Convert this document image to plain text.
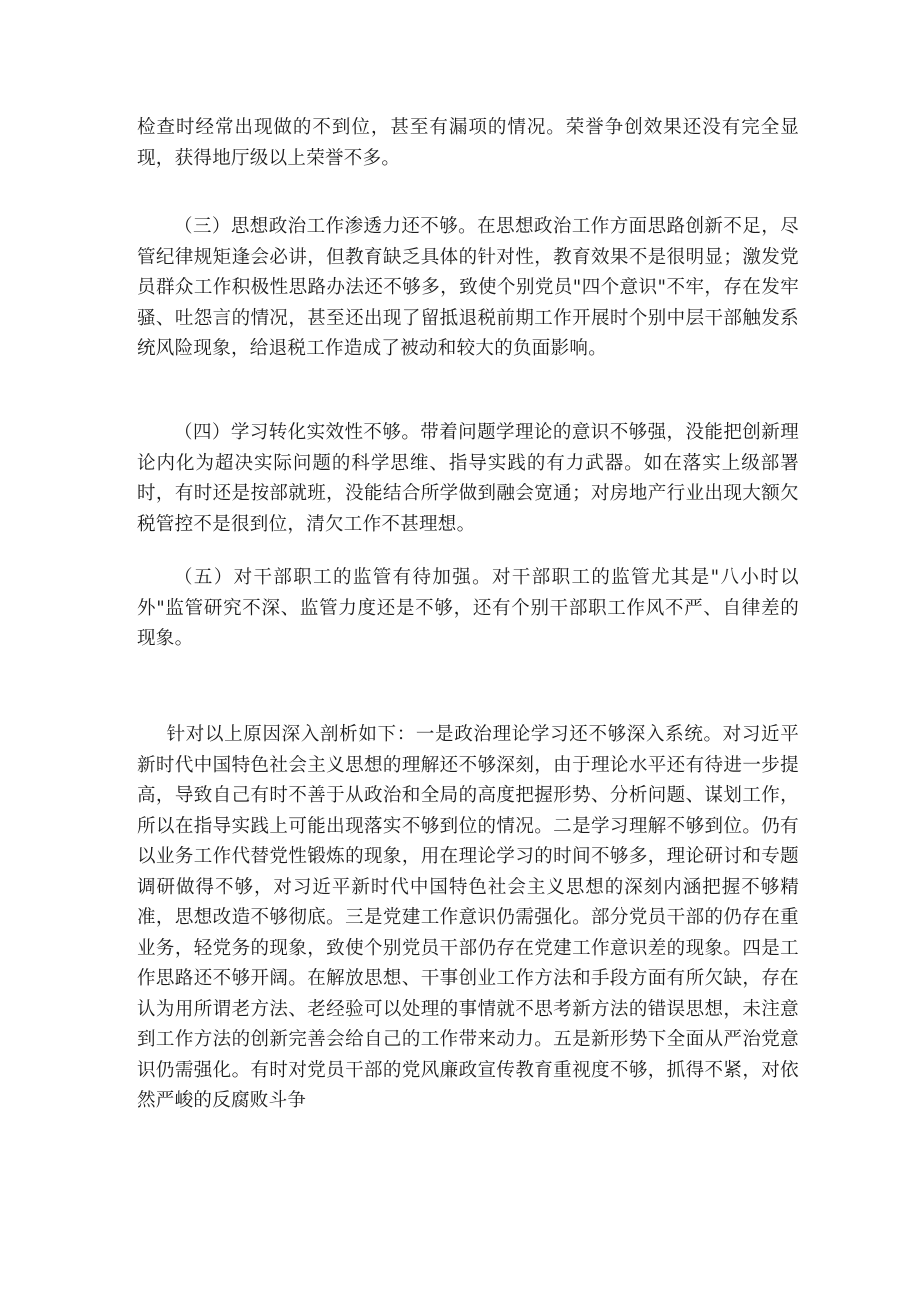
检查时经常出现做的不到位，甚至有漏项的情况。荣誉争创效果还没有完全显现，获得地厅级以上荣誉不多。

（三）思想政治工作渗透力还不够。在思想政治工作方面思路创新不足，尽管纪律规矩逢会必讲，但教育缺乏具体的针对性，教育效果不是很明显；激发党员群众工作积极性思路办法还不够多，致使个别党员"四个意识"不牢，存在发牢骚、吐怨言的情况，甚至还出现了留抵退税前期工作开展时个别中层干部触发系统风险现象，给退税工作造成了被动和较大的负面影响。

（四）学习转化实效性不够。带着问题学理论的意识不够强，没能把创新理论内化为超决实际问题的科学思维、指导实践的有力武器。如在落实上级部署时，有时还是按部就班，没能结合所学做到融会宽通；对房地产行业出现大额欠税管控不是很到位，清欠工作不甚理想。

（五）对干部职工的监管有待加强。对干部职工的监管尤其是"八小时以外"监管研究不深、监管力度还是不够，还有个别干部职工作风不严、自律差的现象。

针对以上原因深入剖析如下：一是政治理论学习还不够深入系统。对习近平新时代中国特色社会主义思想的理解还不够深刻，由于理论水平还有待进一步提高，导致自己有时不善于从政治和全局的高度把握形势、分析问题、谋划工作，所以在指导实践上可能出现落实不够到位的情况。二是学习理解不够到位。仍有以业务工作代替党性锻炼的现象，用在理论学习的时间不够多，理论研讨和专题调研做得不够，对习近平新时代中国特色社会主义思想的深刻内涵把握不够精准，思想改造不够彻底。三是党建工作意识仍需强化。部分党员干部的仍存在重业务，轻党务的现象，致使个别党员干部仍存在党建工作意识差的现象。四是工作思路还不够开阔。在解放思想、干事创业工作方法和手段方面有所欠缺，存在认为用所谓老方法、老经验可以处理的事情就不思考新方法的错误思想，未注意到工作方法的创新完善会给自己的工作带来动力。五是新形势下全面从严治党意识仍需强化。有时对党员干部的党风廉政宣传教育重视度不够，抓得不紧，对依然严峻的反腐败斗争
